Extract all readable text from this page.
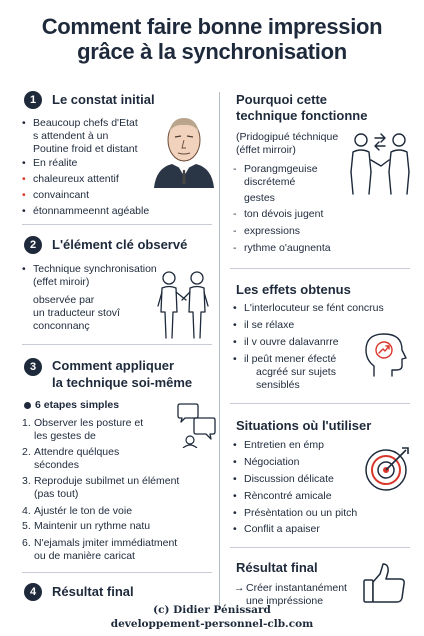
Comment faire bonne impression
grâce à la synchronisation
1	Le constat initial
• Beaucoup chefs d'Etat
s attendent à un
Poutine froid et distant
• En réalite
• chaleureux attentif
• convaincant
• étonnammeennt agéable
2	L'élément clé observé
• Technique synchronisation
(effet miroir)
observée par
un traducteur stovî
conconnanç
3	Comment appliquer
la technique soi-même
6 etapes simples
1. Observer les posture et
les gestes de
2. Attendre quélques
sécondes
3. Reproduje subilmet un élément
(pas tout)
4. Ajustér le ton de voie
5. Maintenir un rythme natu
6. N'ejamals jmiter immédiatment
ou de manière caricat
4	Résultat final
Pourquoi cette
technique fonctionne
(Pridogipué téchnique
(éffet mirroir)
- Porangmgeuise
discrétemé
gestes
- ton dévois jugent
- expressions
- rythme o'augnenta
Les effets obtenus
• L'interlocuteur se fént concrus
• il se rélaxe
• il v ouvre dalavanrre
• il peût mener éfecté
acgréé sur sujets
sensiblés
Situations où l'utiliser
• Entretien en émp
• Négociation
• Discussion délicate
• Rèncontré amicale
• Présèntation ou un pitch
• Conflit a apaiser
Résultat final
→ Créer instantanément
une impréssione
(c) Didier Pénissard
developpement-personnel-clb.com
